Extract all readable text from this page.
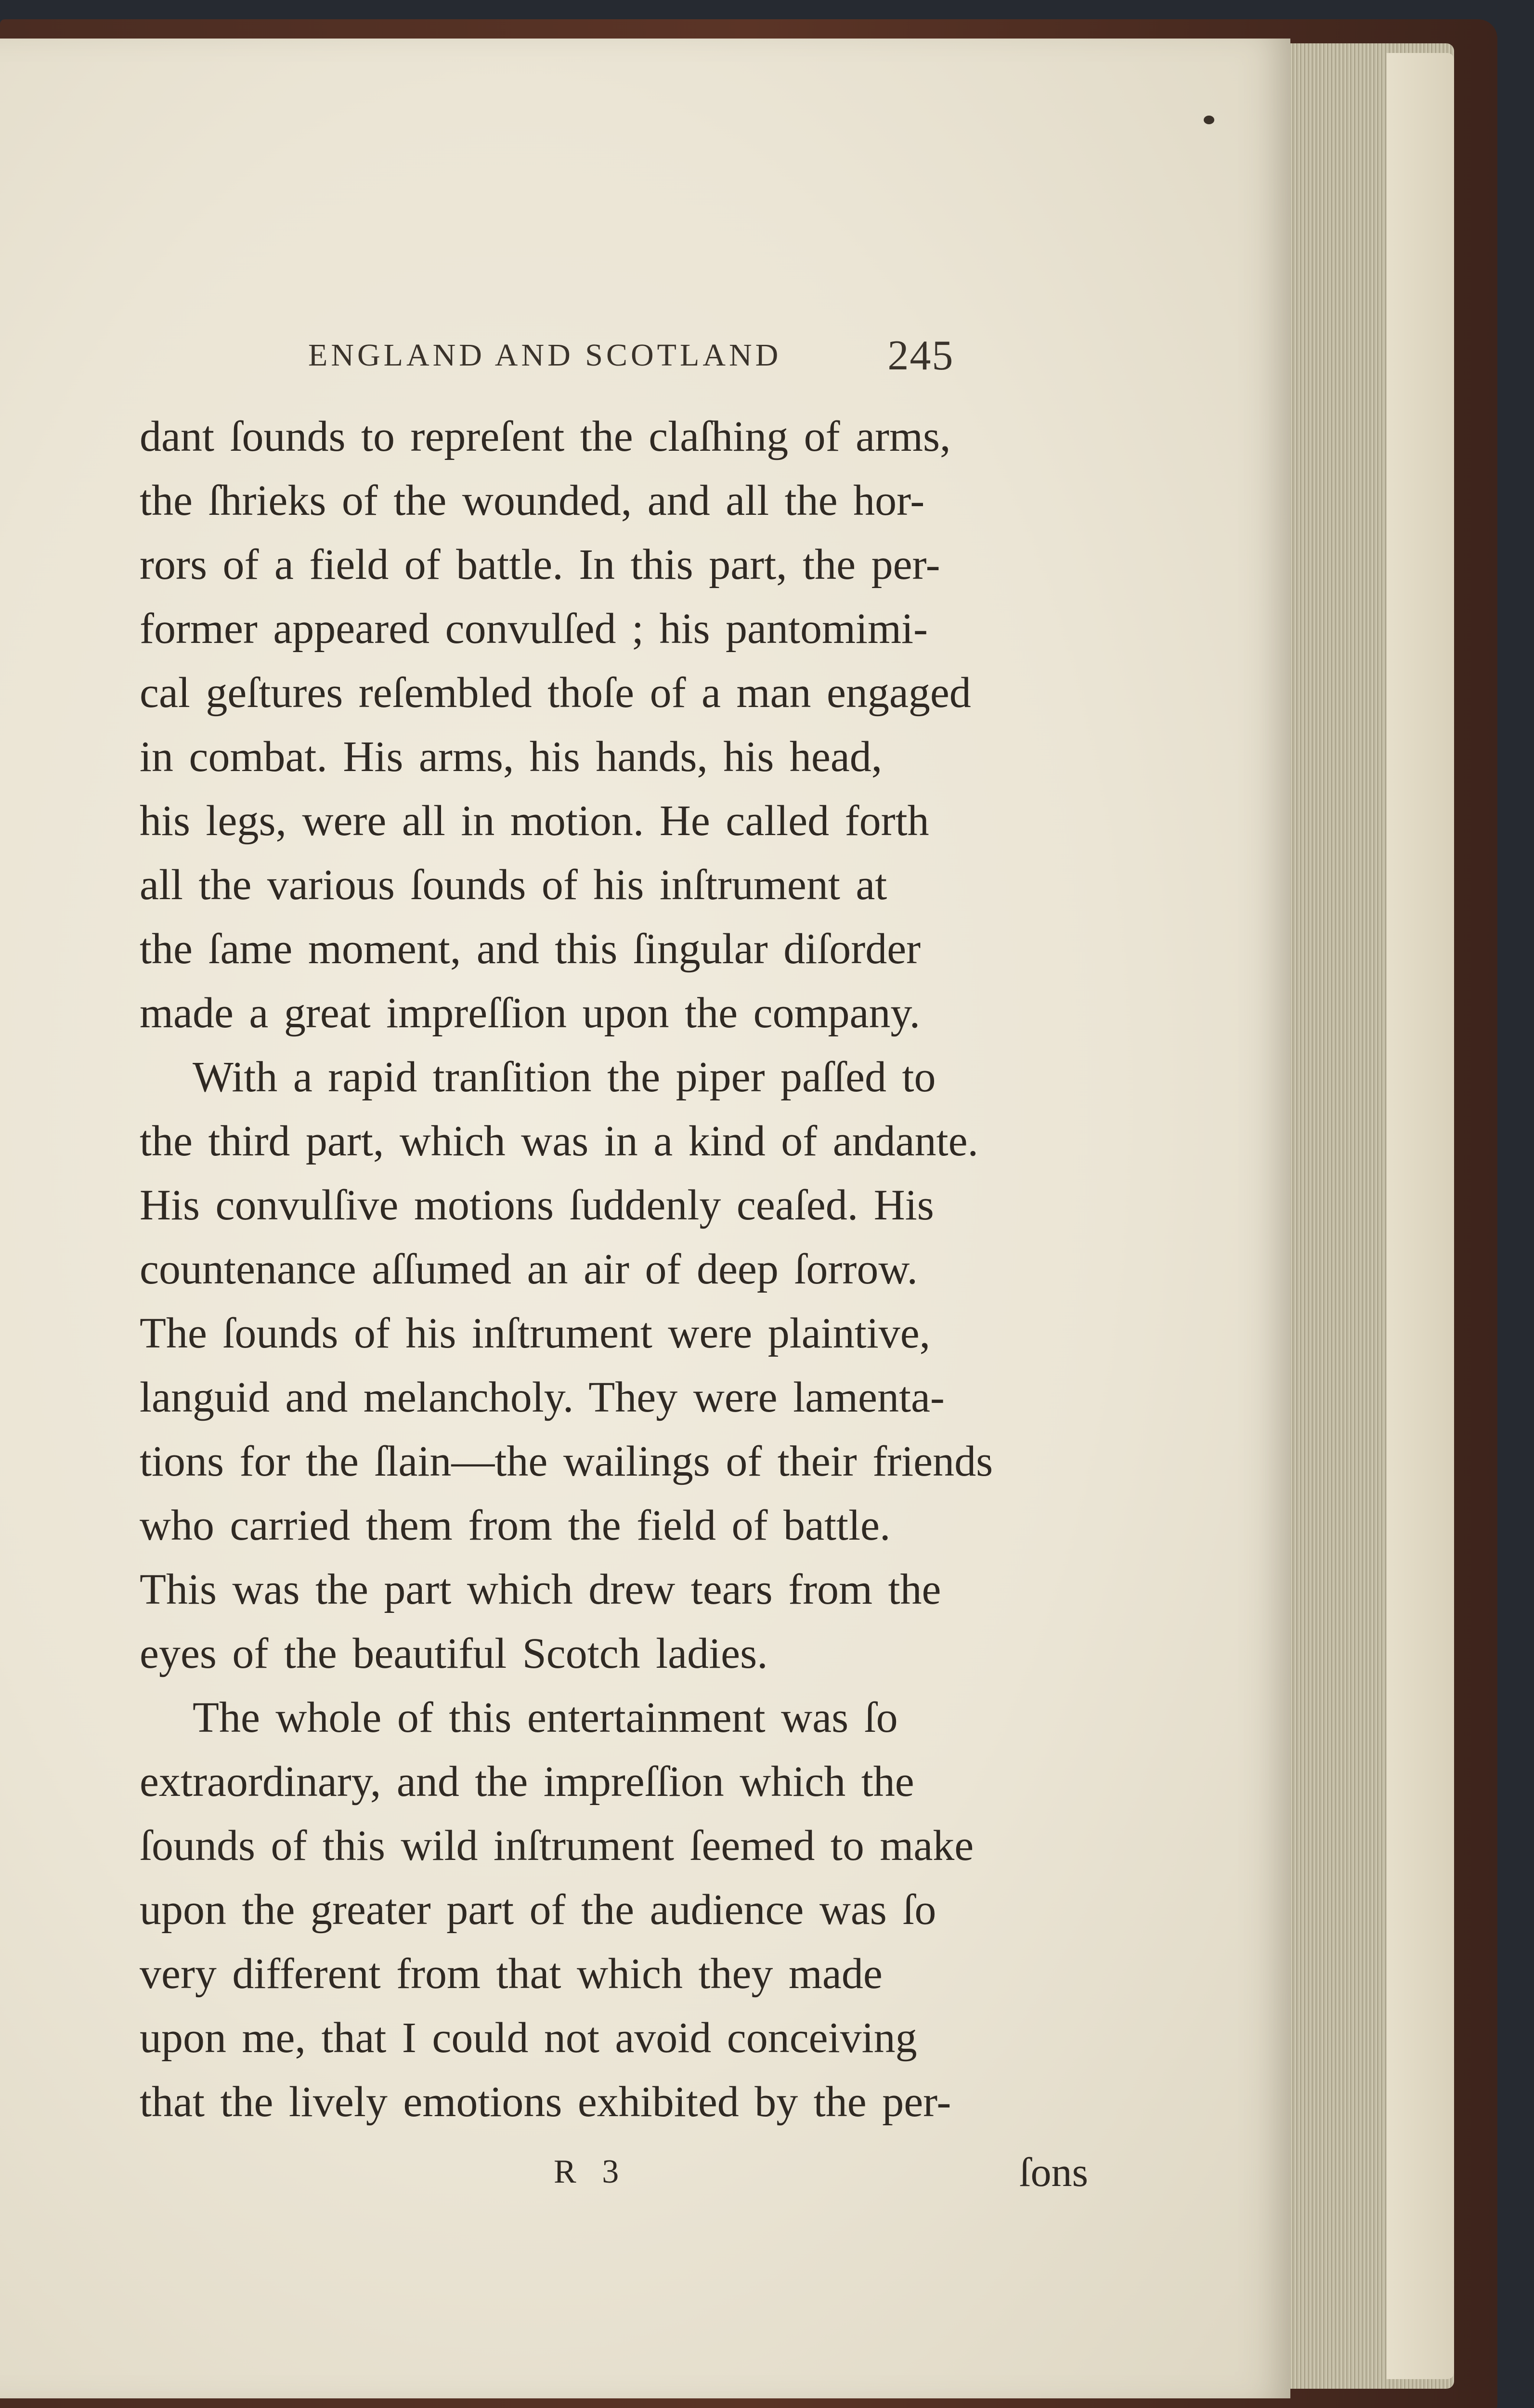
ENGLAND AND SCOTLAND	245
dant ſounds to repreſent the claſhing of arms,
the ſhrieks of the wounded, and all the hor-
rors of a field of battle. In this part, the per-
former appeared convulſed ; his pantomimi-
cal geſtures reſembled thoſe of a man engaged
in combat. His arms, his hands, his head,
his legs, were all in motion. He called forth
all the various ſounds of his inſtrument at
the ſame moment, and this ſingular diſorder
made a great impreſſion upon the company.
With a rapid tranſition the piper paſſed to
the third part, which was in a kind of andante.
His convulſive motions ſuddenly ceaſed. His
countenance aſſumed an air of deep ſorrow.
The ſounds of his inſtrument were plaintive,
languid and melancholy. They were lamenta-
tions for the ſlain—the wailings of their friends
who carried them from the field of battle.
This was the part which drew tears from the
eyes of the beautiful Scotch ladies.
The whole of this entertainment was ſo
extraordinary, and the impreſſion which the
ſounds of this wild inſtrument ſeemed to make
upon the greater part of the audience was ſo
very different from that which they made
upon me, that I could not avoid conceiving
that the lively emotions exhibited by the per-
R 3	ſons
